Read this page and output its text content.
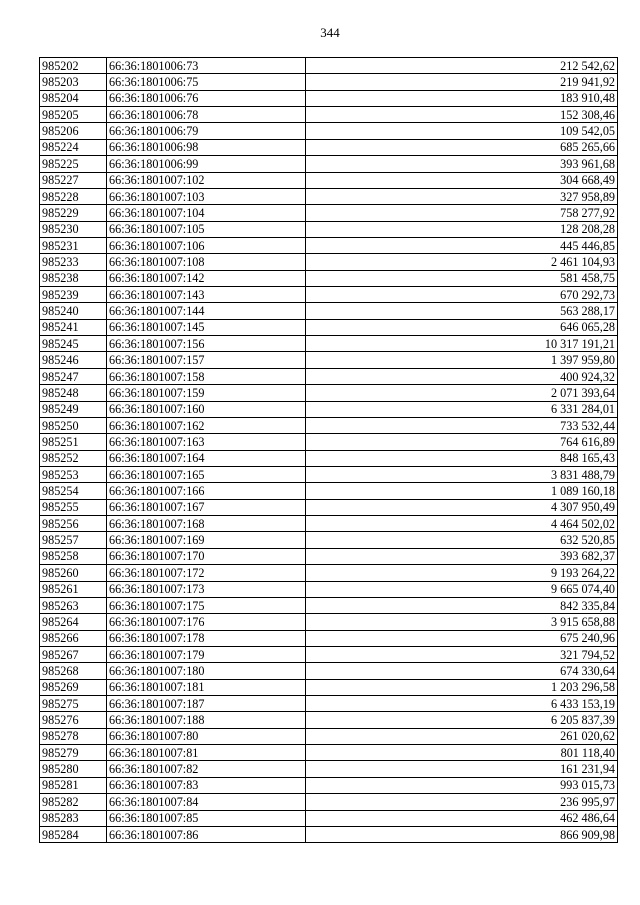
344
985202	66:36:1801006:73	212 542,62
985203	66:36:1801006:75	219 941,92
985204	66:36:1801006:76	183 910,48
985205	66:36:1801006:78	152 308,46
985206	66:36:1801006:79	109 542,05
985224	66:36:1801006:98	685 265,66
985225	66:36:1801006:99	393 961,68
985227	66:36:1801007:102	304 668,49
985228	66:36:1801007:103	327 958,89
985229	66:36:1801007:104	758 277,92
985230	66:36:1801007:105	128 208,28
985231	66:36:1801007:106	445 446,85
985233	66:36:1801007:108	2 461 104,93
985238	66:36:1801007:142	581 458,75
985239	66:36:1801007:143	670 292,73
985240	66:36:1801007:144	563 288,17
985241	66:36:1801007:145	646 065,28
985245	66:36:1801007:156	10 317 191,21
985246	66:36:1801007:157	1 397 959,80
985247	66:36:1801007:158	400 924,32
985248	66:36:1801007:159	2 071 393,64
985249	66:36:1801007:160	6 331 284,01
985250	66:36:1801007:162	733 532,44
985251	66:36:1801007:163	764 616,89
985252	66:36:1801007:164	848 165,43
985253	66:36:1801007:165	3 831 488,79
985254	66:36:1801007:166	1 089 160,18
985255	66:36:1801007:167	4 307 950,49
985256	66:36:1801007:168	4 464 502,02
985257	66:36:1801007:169	632 520,85
985258	66:36:1801007:170	393 682,37
985260	66:36:1801007:172	9 193 264,22
985261	66:36:1801007:173	9 665 074,40
985263	66:36:1801007:175	842 335,84
985264	66:36:1801007:176	3 915 658,88
985266	66:36:1801007:178	675 240,96
985267	66:36:1801007:179	321 794,52
985268	66:36:1801007:180	674 330,64
985269	66:36:1801007:181	1 203 296,58
985275	66:36:1801007:187	6 433 153,19
985276	66:36:1801007:188	6 205 837,39
985278	66:36:1801007:80	261 020,62
985279	66:36:1801007:81	801 118,40
985280	66:36:1801007:82	161 231,94
985281	66:36:1801007:83	993 015,73
985282	66:36:1801007:84	236 995,97
985283	66:36:1801007:85	462 486,64
985284	66:36:1801007:86	866 909,98
